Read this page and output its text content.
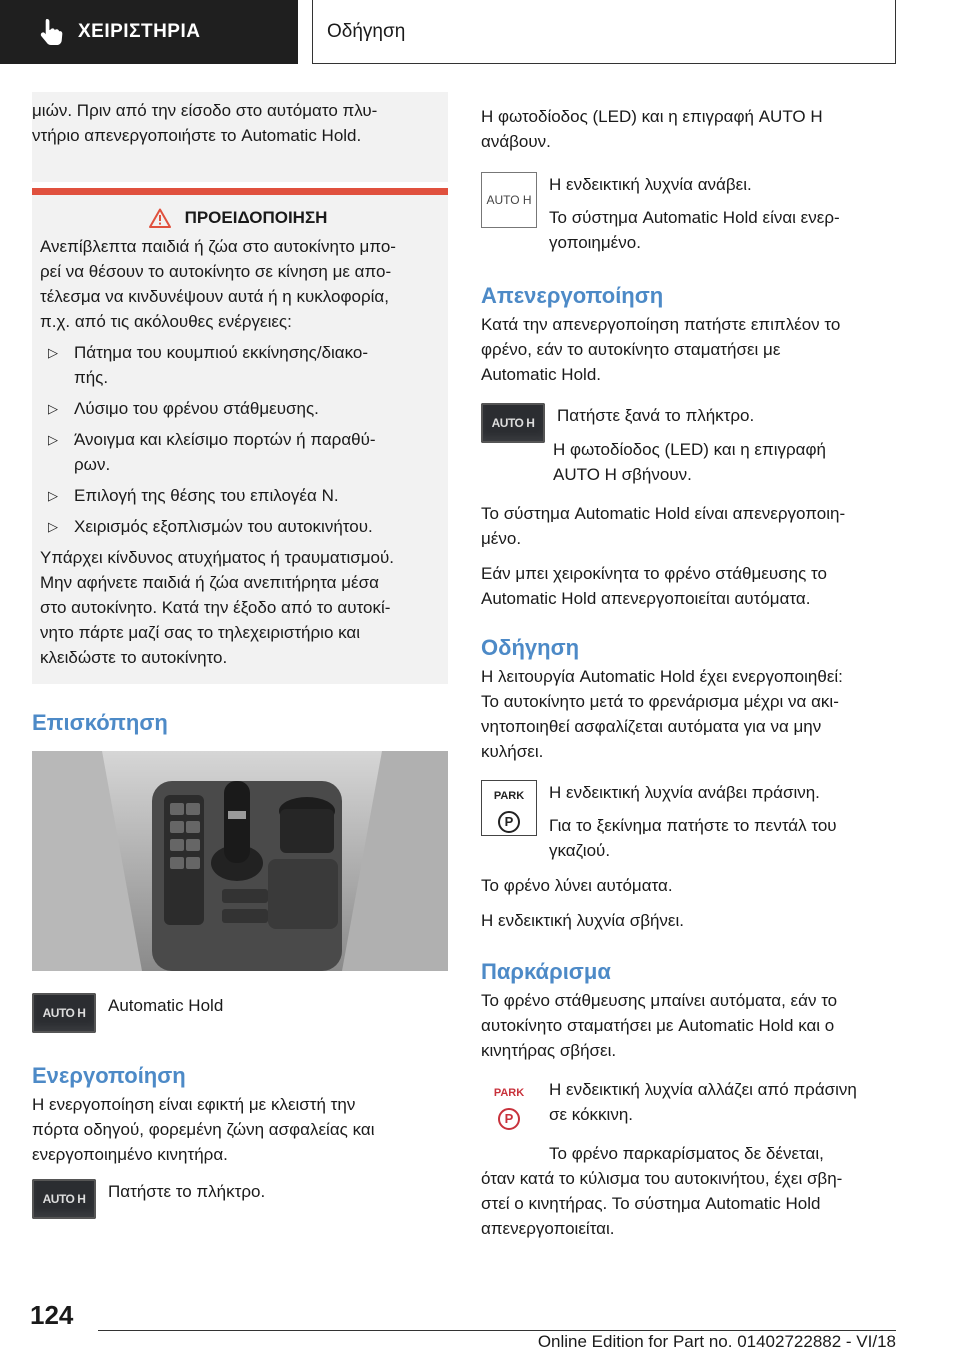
ΧΕΙΡΙΣΤΗΡΙΑ	Οδήγηση

μιών. Πριν από την είσοδο στο αυτόματο πλυ-
ντήριο απενεργοποιήστε το Automatic Hold.

ΠΡΟΕΙΔΟΠΟΙΗΣΗ

Ανεπίβλεπτα παιδιά ή ζώα στο αυτοκίνητο μπο-
ρεί να θέσουν το αυτοκίνητο σε κίνηση με απο-
τέλεσμα να κινδυνέψουν αυτά ή η κυκλοφορία,
π.χ. από τις ακόλουθες ενέργειες:

▷ Πάτημα του κουμπιού εκκίνησης/διακο-
πής.
▷ Λύσιμο του φρένου στάθμευσης.
▷ Άνοιγμα και κλείσιμο πορτών ή παραθύ-
ρων.
▷ Επιλογή της θέσης του επιλογέα N.
▷ Χειρισμός εξοπλισμών του αυτοκινήτου.

Υπάρχει κίνδυνος ατυχήματος ή τραυματισμού.
Μην αφήνετε παιδιά ή ζώα ανεπιτήρητα μέσα
στο αυτοκίνητο. Κατά την έξοδο από το αυτοκί-
νητο πάρτε μαζί σας το τηλεχειριστήριο και
κλειδώστε το αυτοκίνητο.

Επισκόπηση
AUTO H	Automatic Hold
Ενεργοποίηση

Η ενεργοποίηση είναι εφικτή με κλειστή την
πόρτα οδηγού, φορεμένη ζώνη ασφαλείας και
ενεργοποιημένο κινητήρα.

AUTO H	Πατήστε το πλήκτρο.

Η φωτοδίοδος (LED) και η επιγραφή AUTO H
ανάβουν.

AUTO H

Η ενδεικτική λυχνία ανάβει.

Το σύστημα Automatic Hold είναι ενερ-
γοποιημένο.

Απενεργοποίηση

Κατά την απενεργοποίηση πατήστε επιπλέον το
φρένο, εάν το αυτοκίνητο σταματήσει με
Automatic Hold.

AUTO H	Πατήστε ξανά το πλήκτρο.

Η φωτοδίοδος (LED) και η επιγραφή
AUTO H σβήνουν.

Το σύστημα Automatic Hold είναι απενεργοποιη-
μένο.

Εάν μπει χειροκίνητα το φρένο στάθμευσης το
Automatic Hold απενεργοποιείται αυτόματα.

Οδήγηση

Η λειτουργία Automatic Hold έχει ενεργοποιηθεί:
Το αυτοκίνητο μετά το φρενάρισμα μέχρι να ακι-
νητοποιηθεί ασφαλίζεται αυτόματα για να μην
κυλήσει.

PARK
P

Η ενδεικτική λυχνία ανάβει πράσινη.

Για το ξεκίνημα πατήστε το πεντάλ του
γκαζιού.

Το φρένο λύνει αυτόματα.

Η ενδεικτική λυχνία σβήνει.

Παρκάρισμα

Το φρένο στάθμευσης μπαίνει αυτόματα, εάν το
αυτοκίνητο σταματήσει με Automatic Hold και ο
κινητήρας σβήσει.

PARK
P

Η ενδεικτική λυχνία αλλάζει από πράσινη
σε κόκκινη.

Το φρένο παρκαρίσματος δε δένεται,
όταν κατά το κύλισμα του αυτοκινήτου, έχει σβη-
στεί ο κινητήρας. Το σύστημα Automatic Hold
απενεργοποιείται.

124
Online Edition for Part no. 01402722882 - VI/18
